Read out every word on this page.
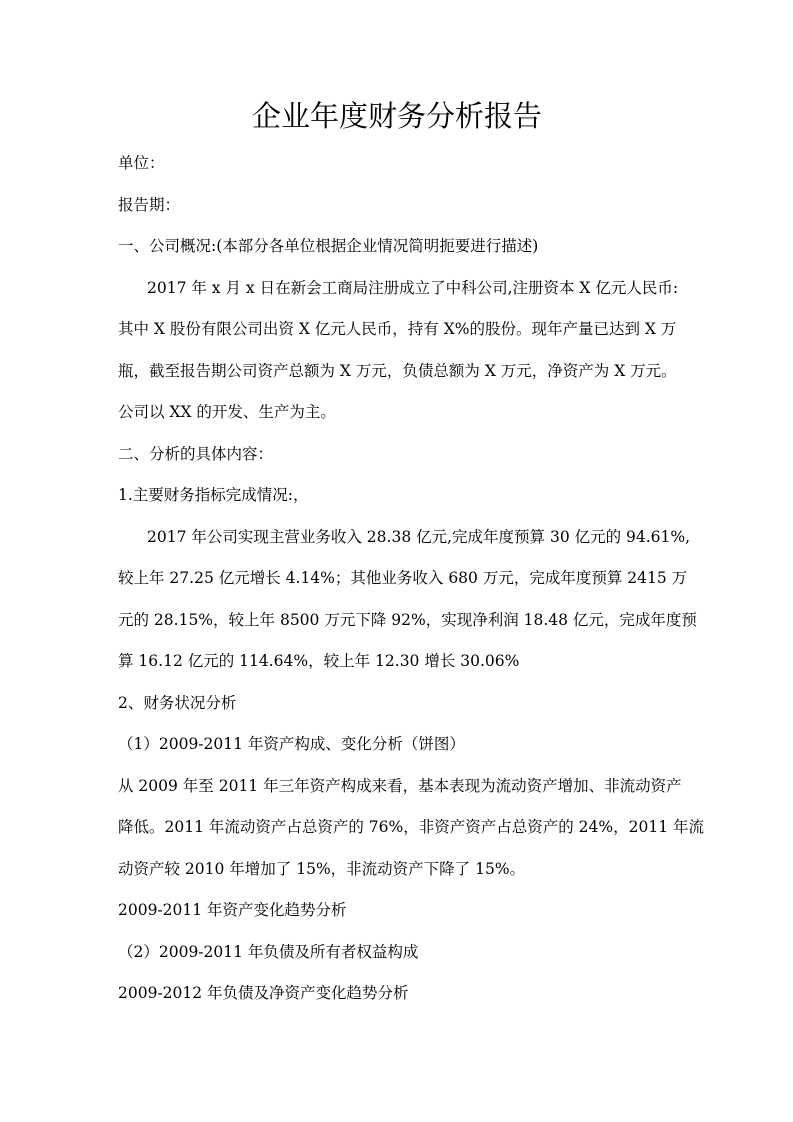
企业年度财务分析报告
单位：
报告期：
一、公司概况:(本部分各单位根据企业情况简明扼要进行描述)
2017 年 x 月 x 日在新会工商局注册成立了中科公司,注册资本 X 亿元人民币:
其中 X 股份有限公司出资 X 亿元人民币，持有 X%的股份。现年产量已达到 X 万
瓶，截至报告期公司资产总额为 X 万元，负债总额为 X 万元，净资产为 X 万元。
公司以 XX 的开发、生产为主。
二、分析的具体内容：
1.主要财务指标完成情况:，
2017 年公司实现主营业务收入 28.38 亿元,完成年度预算 30 亿元的 94.61%,
较上年 27.25 亿元增长 4.14%；其他业务收入 680 万元，完成年度预算 2415 万
元的 28.15%，较上年 8500 万元下降 92%，实现净利润 18.48 亿元，完成年度预
算 16.12 亿元的 114.64%，较上年 12.30 增长 30.06%
2、财务状况分析
（1）2009-2011 年资产构成、变化分析（饼图）
从 2009 年至 2011 年三年资产构成来看，基本表现为流动资产增加、非流动资产
降低。2011 年流动资产占总资产的 76%，非资产资产占总资产的 24%，2011 年流
动资产较 2010 年增加了 15%，非流动资产下降了 15%。
2009-2011 年资产变化趋势分析
（2）2009-2011 年负债及所有者权益构成
2009-2012 年负债及净资产变化趋势分析
